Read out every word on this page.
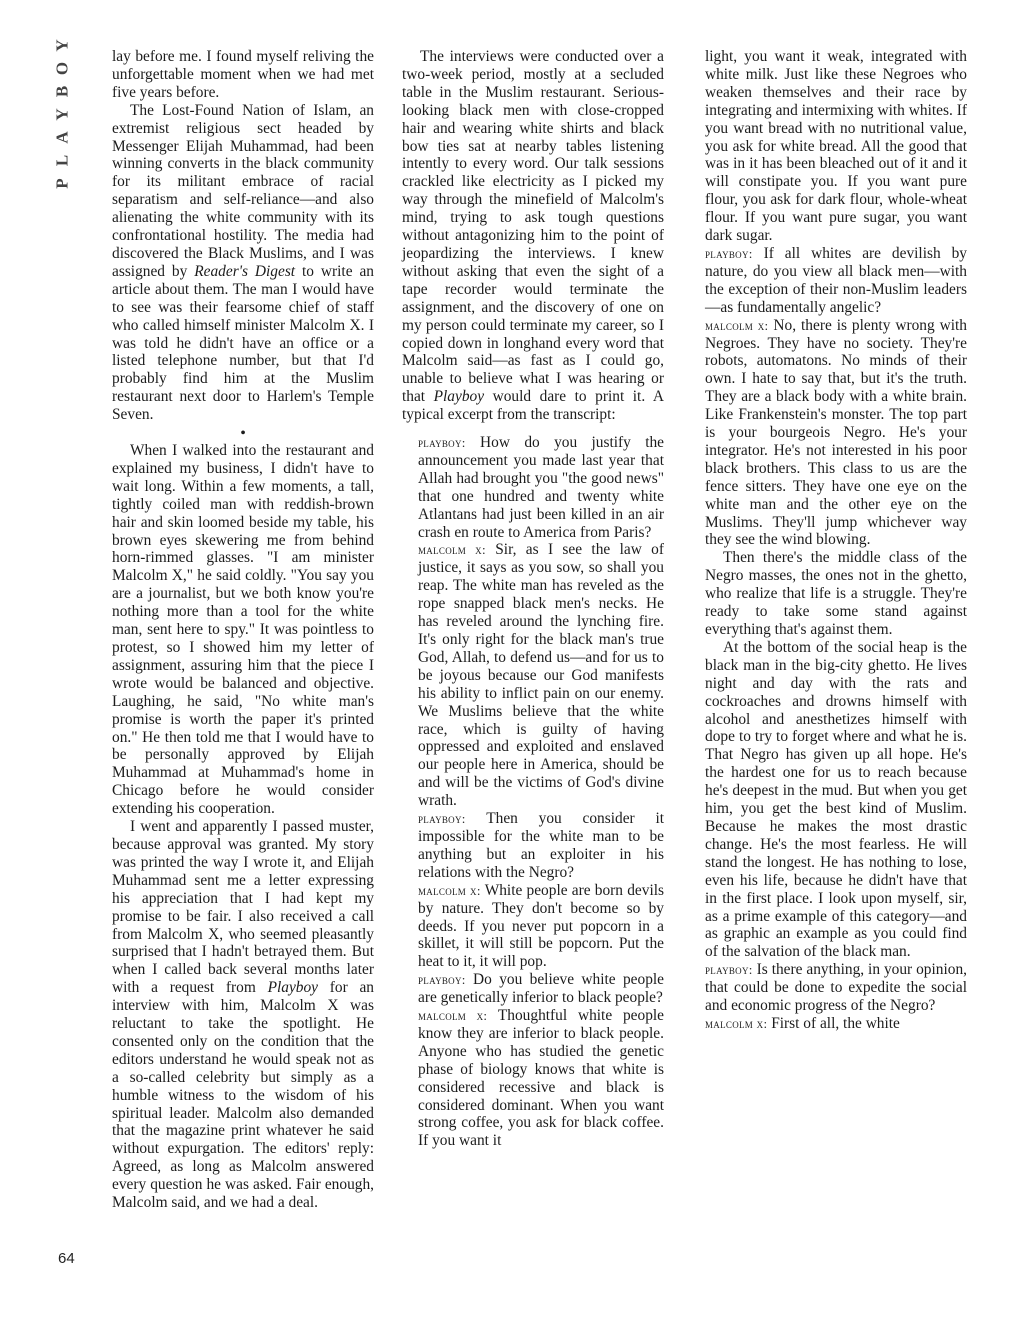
Y
O
B
Y
A
L
P

lay before me. I found myself reliving the unforgettable moment when we had met five years before.

The Lost-Found Nation of Islam, an extremist religious sect headed by Messenger Elijah Muhammad, had been winning converts in the black community for its militant embrace of racial separatism and self-reliance—and also alienating the white community with its confrontational hostility. The media had discovered the Black Muslims, and I was assigned by Reader's Digest to write an article about them. The man I would have to see was their fearsome chief of staff who called himself minister Malcolm X. I was told he didn't have an office or a listed telephone number, but that I'd probably find him at the Muslim restaurant next door to Harlem's Temple Seven.

•

When I walked into the restaurant and explained my business, I didn't have to wait long. Within a few moments, a tall, tightly coiled man with reddish-brown hair and skin loomed beside my table, his brown eyes skewering me from behind horn-rimmed glasses. "I am minister Malcolm X," he said coldly. "You say you are a journalist, but we both know you're nothing more than a tool for the white man, sent here to spy." It was pointless to protest, so I showed him my letter of assignment, assuring him that the piece I wrote would be balanced and objective. Laughing, he said, "No white man's promise is worth the paper it's printed on." He then told me that I would have to be personally approved by Elijah Muhammad at Muhammad's home in Chicago before he would consider extending his cooperation.

I went and apparently I passed muster, because approval was granted. My story was printed the way I wrote it, and Elijah Muhammad sent me a letter expressing his appreciation that I had kept my promise to be fair. I also received a call from Malcolm X, who seemed pleasantly surprised that I hadn't betrayed them. But when I called back several months later with a request from Playboy for an interview with him, Malcolm X was reluctant to take the spotlight. He consented only on the condition that the editors understand he would speak not as a so-called celebrity but simply as a humble witness to the wisdom of his spiritual leader. Malcolm also demanded that the magazine print whatever he said without expurgation. The editors' reply: Agreed, as long as Malcolm answered every question he was asked. Fair enough, Malcolm said, and we had a deal.

The interviews were conducted over a two-week period, mostly at a secluded table in the Muslim restaurant. Serious-looking black men with close-cropped hair and wearing white shirts and black bow ties sat at nearby tables listening intently to every word. Our talk sessions crackled like electricity as I picked my way through the minefield of Malcolm's mind, trying to ask tough questions without antagonizing him to the point of jeopardizing the interviews. I knew without asking that even the sight of a tape recorder would terminate the assignment, and the discovery of one on my person could terminate my career, so I copied down in longhand every word that Malcolm said—as fast as I could go, unable to believe what I was hearing or that Playboy would dare to print it. A typical excerpt from the transcript:

playboy: How do you justify the announcement you made last year that Allah had brought you "the good news" that one hundred and twenty white Atlantans had just been killed in an air crash en route to America from Paris?

malcolm x: Sir, as I see the law of justice, it says as you sow, so shall you reap. The white man has reveled as the rope snapped black men's necks. He has reveled around the lynching fire. It's only right for the black man's true God, Allah, to defend us—and for us to be joyous because our God manifests his ability to inflict pain on our enemy. We Muslims believe that the white race, which is guilty of having oppressed and exploited and enslaved our people here in America, should be and will be the victims of God's divine wrath.

playboy: Then you consider it impossible for the white man to be anything but an exploiter in his relations with the Negro?

malcolm x: White people are born devils by nature. They don't become so by deeds. If you never put popcorn in a skillet, it will still be popcorn. Put the heat to it, it will pop.

playboy: Do you believe white people are genetically inferior to black people?

malcolm x: Thoughtful white people know they are inferior to black people. Anyone who has studied the genetic phase of biology knows that white is considered recessive and black is considered dominant. When you want strong coffee, you ask for black coffee. If you want it

light, you want it weak, integrated with white milk. Just like these Negroes who weaken themselves and their race by integrating and intermixing with whites. If you want bread with no nutritional value, you ask for white bread. All the good that was in it has been bleached out of it and it will constipate you. If you want pure flour, you ask for dark flour, whole-wheat flour. If you want pure sugar, you want dark sugar.

playboy: If all whites are devilish by nature, do you view all black men—with the exception of their non-Muslim leaders—as fundamentally angelic?

malcolm x: No, there is plenty wrong with Negroes. They have no society. They're robots, automatons. No minds of their own. I hate to say that, but it's the truth. They are a black body with a white brain. Like Frankenstein's monster. The top part is your bourgeois Negro. He's your integrator. He's not interested in his poor black brothers. This class to us are the fence sitters. They have one eye on the white man and the other eye on the Muslims. They'll jump whichever way they see the wind blowing.

Then there's the middle class of the Negro masses, the ones not in the ghetto, who realize that life is a struggle. They're ready to take some stand against everything that's against them.

At the bottom of the social heap is the black man in the big-city ghetto. He lives night and day with the rats and cockroaches and drowns himself with alcohol and anesthetizes himself with dope to try to forget where and what he is. That Negro has given up all hope. He's the hardest one for us to reach because he's deepest in the mud. But when you get him, you get the best kind of Muslim. Because he makes the most drastic change. He's the most fearless. He will stand the longest. He has nothing to lose, even his life, because he didn't have that in the first place. I look upon myself, sir, as a prime example of this category—and as graphic an example as you could find of the salvation of the black man.

playboy: Is there anything, in your opinion, that could be done to expedite the social and economic progress of the Negro?

malcolm x: First of all, the white

64
